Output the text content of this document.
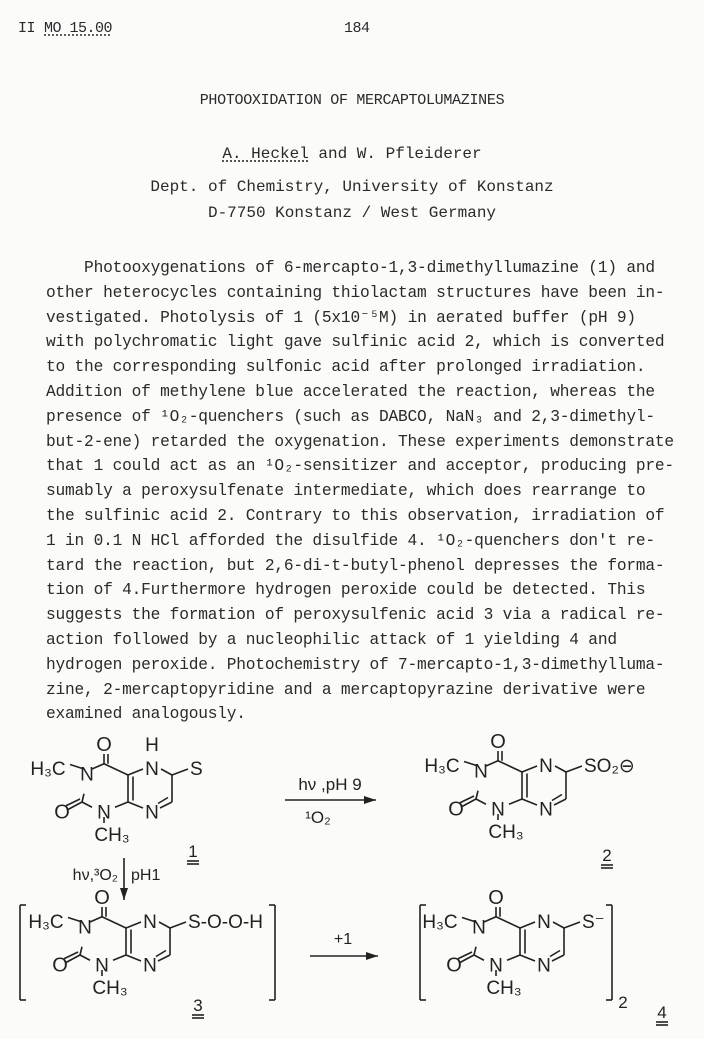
II MO 15.00	184
PHOTOOXIDATION OF MERCAPTOLUMAZINES
A. Heckel and W. Pfleiderer
Dept. of Chemistry, University of Konstanz
D-7750 Konstanz / West Germany
Photooxygenations of 6-mercapto-1,3-dimethyllumazine (1) and
other heterocycles containing thiolactam structures have been in-
vestigated. Photolysis of 1 (5x10⁻⁵M) in aerated buffer (pH 9)
with polychromatic light gave sulfinic acid 2, which is converted
to the corresponding sulfonic acid after prolonged irradiation.
Addition of methylene blue accelerated the reaction, whereas the
presence of ¹O₂-quenchers (such as DABCO, NaN₃ and 2,3-dimethyl-
but-2-ene) retarded the oxygenation. These experiments demonstrate
that 1 could act as an ¹O₂-sensitizer and acceptor, producing pre-
sumably a peroxysulfenate intermediate, which does rearrange to
the sulfinic acid 2. Contrary to this observation, irradiation of
1 in 0.1 N HCl afforded the disulfide 4. ¹O₂-quenchers don't re-
tard the reaction, but 2,6-di-t-butyl-phenol depresses the forma-
tion of 4.Furthermore hydrogen peroxide could be detected. This
suggests the formation of peroxysulfenic acid 3 via a radical re-
action followed by a nucleophilic attack of 1 yielding 4 and
hydrogen peroxide. Photochemistry of 7-mercapto-1,3-dimethylluma-
zine, 2-mercaptopyridine and a mercaptopyrazine derivative were
examined analogously.
O
N
N N
N
O
H₃C
CH₃
S
H
1
O
N
N N
N
O
H₃C
CH₃
SO₂⊖
2
O
N
N N
N
O
H₃C
CH₃
S-O-O-H
3
O
N
N N
N
O
H₃C
CH₃
S⁻
4
2
hν ,pH 9
¹O₂
hν,³O₂ pH1
+1
